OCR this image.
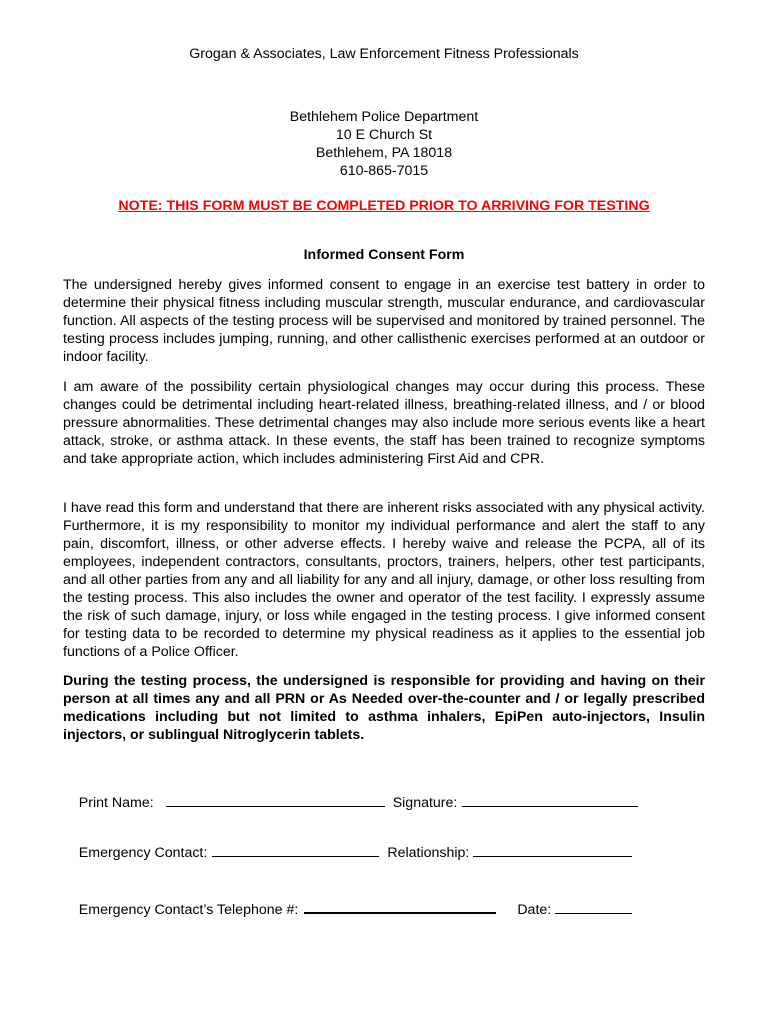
Grogan & Associates, Law Enforcement Fitness Professionals

Bethlehem Police Department
10 E Church St
Bethlehem, PA 18018
610-865-7015

NOTE: THIS FORM MUST BE COMPLETED PRIOR TO ARRIVING FOR TESTING
Informed Consent Form

The undersigned hereby gives informed consent to engage in an exercise test battery in order to determine their physical fitness including muscular strength, muscular endurance, and cardiovascular function. All aspects of the testing process will be supervised and monitored by trained personnel. The testing process includes jumping, running, and other callisthenic exercises performed at an outdoor or indoor facility.

I am aware of the possibility certain physiological changes may occur during this process. These changes could be detrimental including heart-related illness, breathing-related illness, and / or blood pressure abnormalities. These detrimental changes may also include more serious events like a heart attack, stroke, or asthma attack. In these events, the staff has been trained to recognize symptoms and take appropriate action, which includes administering First Aid and CPR.

I have read this form and understand that there are inherent risks associated with any physical activity. Furthermore, it is my responsibility to monitor my individual performance and alert the staff to any pain, discomfort, illness, or other adverse effects. I hereby waive and release the PCPA, all of its employees, independent contractors, consultants, proctors, trainers, helpers, other test participants, and all other parties from any and all liability for any and all injury, damage, or other loss resulting from the testing process. This also includes the owner and operator of the test facility. I expressly assume the risk of such damage, injury, or loss while engaged in the testing process. I give informed consent for testing data to be recorded to determine my physical readiness as it applies to the essential job functions of a Police Officer.

During the testing process, the undersigned is responsible for providing and having on their person at all times any and all PRN or As Needed over-the-counter and / or legally prescribed medications including but not limited to asthma inhalers, EpiPen auto-injectors, Insulin injectors, or sublingual Nitroglycerin tablets.

Print Name:	Signature:

Emergency Contact:	Relationship:

Emergency Contact’s Telephone #:	Date:
